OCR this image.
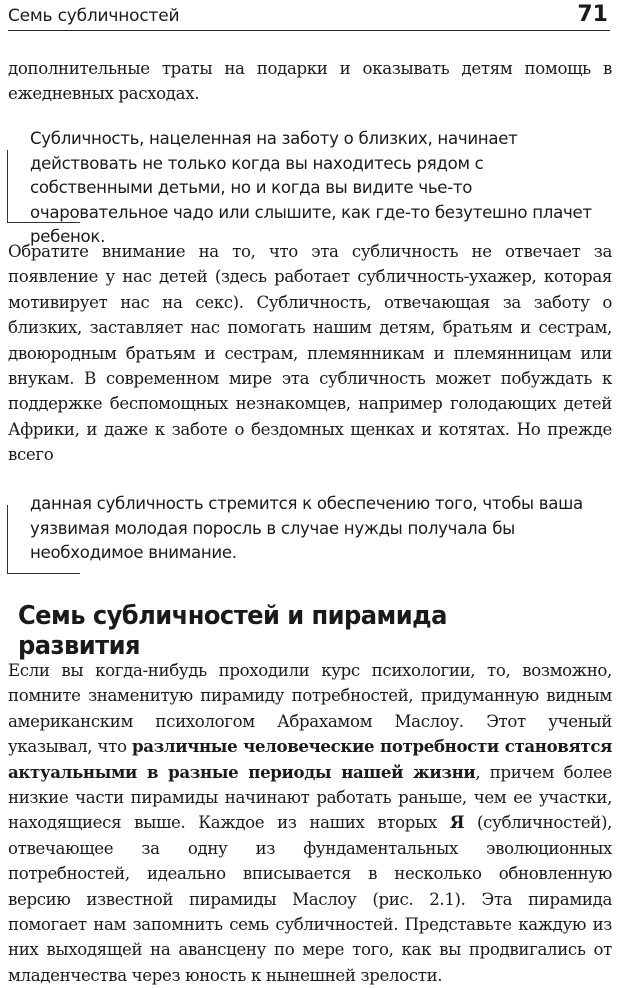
Семь субличностей	71

дополнительные траты на подарки и оказывать детям помощь в ежедневных расходах.

Субличность, нацеленная на заботу о близких, начинает действовать не только когда вы находитесь рядом с собственными детьми, но и когда вы видите чье-то очаровательное чадо или слышите, как где-то безутешно плачет ребенок.

Обратите внимание на то, что эта субличность не отвечает за появление у нас детей (здесь работает субличность-ухажер, которая мотивирует нас на секс). Субличность, отвечающая за заботу о близких, заставляет нас помогать нашим детям, братьям и сестрам, двоюродным братьям и сестрам, племянникам и племянницам или внукам. В современном мире эта субличность может побуждать к поддержке беспомощных незнакомцев, например голодающих детей Африки, и даже к заботе о бездомных щенках и котятах. Но прежде всего

данная субличность стремится к обеспечению того, чтобы ваша уязвимая молодая поросль в случае нужды получала бы необходимое внимание.

Семь субличностей и пирамида развития

Если вы когда-нибудь проходили курс психологии, то, возможно, помните знаменитую пирамиду потребностей, придуманную видным американским психологом Абрахамом Маслоу. Этот ученый указывал, что различные человеческие потребности становятся актуальными в разные периоды нашей жизни, причем более низкие части пирамиды начинают работать раньше, чем ее участки, находящиеся выше. Каждое из наших вторых Я (субличностей), отвечающее за одну из фундаментальных эволюционных потребностей, идеально вписывается в несколько обновленную версию известной пирамиды Маслоу (рис. 2.1). Эта пирамида помогает нам запомнить семь субличностей. Представьте каждую из них выходящей на авансцену по мере того, как вы продвигались от младенчества через юность к нынешней зрелости.
